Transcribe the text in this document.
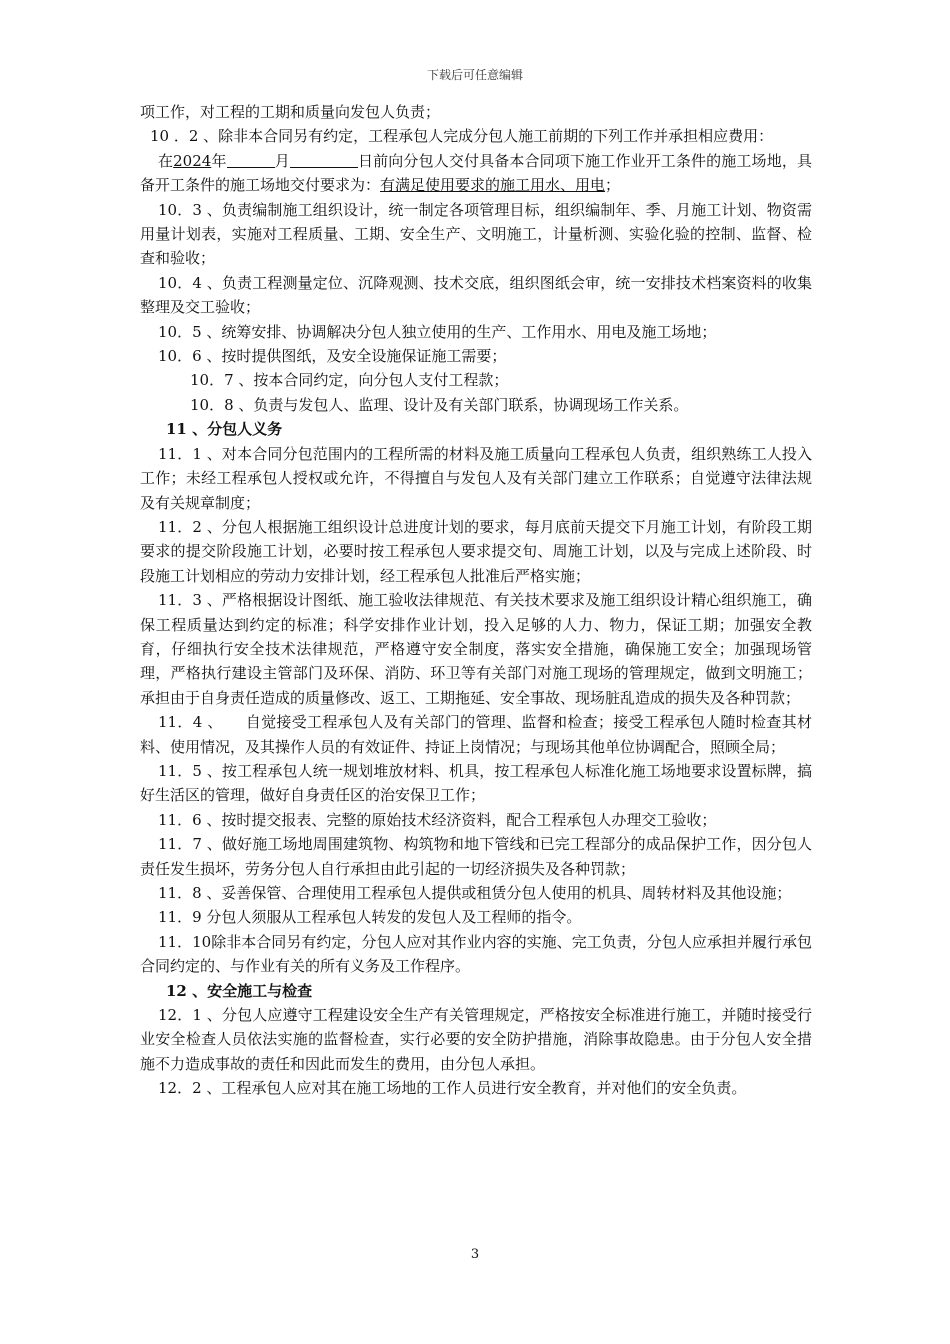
下载后可任意编辑

项工作，对工程的工期和质量向发包人负责；

10 ．2 、除非本合同另有约定，工程承包人完成分包人施工前期的下列工作并承担相应费用：

在2024年	月	日前向分包人交付具备本合同项下施工作业开工条件的施工场地，具备开工条件的施工场地交付要求为：有满足使用要求的施工用水、用电；

10．3 、负责编制施工组织设计，统一制定各项管理目标，组织编制年、季、月施工计划、物资需用量计划表，实施对工程质量、工期、安全生产、文明施工，计量析测、实验化验的控制、监督、检查和验收；

10．4 、负责工程测量定位、沉降观测、技术交底，组织图纸会审，统一安排技术档案资料的收集整理及交工验收；

10．5 、统筹安排、协调解决分包人独立使用的生产、工作用水、用电及施工场地；

10．6 、按时提供图纸，及安全设施保证施工需要；

10．7 、按本合同约定，向分包人支付工程款；

10．8 、负责与发包人、监理、设计及有关部门联系，协调现场工作关系。

11 、分包人义务

11．1 、对本合同分包范围内的工程所需的材料及施工质量向工程承包人负责，组织熟练工人投入工作；未经工程承包人授权或允许，不得擅自与发包人及有关部门建立工作联系；自觉遵守法律法规及有关规章制度；

11．2 、分包人根据施工组织设计总进度计划的要求，每月底前天提交下月施工计划，有阶段工期要求的提交阶段施工计划，必要时按工程承包人要求提交旬、周施工计划，以及与完成上述阶段、时段施工计划相应的劳动力安排计划，经工程承包人批准后严格实施；

11．3 、严格根据设计图纸、施工验收法律规范、有关技术要求及施工组织设计精心组织施工，确保工程质量达到约定的标准；科学安排作业计划，投入足够的人力、物力，保证工期；加强安全教育，仔细执行安全技术法律规范，严格遵守安全制度，落实安全措施，确保施工安全；加强现场管理，严格执行建设主管部门及环保、消防、环卫等有关部门对施工现场的管理规定，做到文明施工；承担由于自身责任造成的质量修改、返工、工期拖延、安全事故、现场脏乱造成的损失及各种罚款；

11．4 、　　自觉接受工程承包人及有关部门的管理、监督和检查；接受工程承包人随时检查其材料、使用情况，及其操作人员的有效证件、持证上岗情况；与现场其他单位协调配合，照顾全局；

11．5 、按工程承包人统一规划堆放材料、机具，按工程承包人标准化施工场地要求设置标牌，搞好生活区的管理，做好自身责任区的治安保卫工作；

11．6 、按时提交报表、完整的原始技术经济资料，配合工程承包人办理交工验收；

11．7 、做好施工场地周围建筑物、构筑物和地下管线和已完工程部分的成品保护工作，因分包人责任发生损坏，劳务分包人自行承担由此引起的一切经济损失及各种罚款；

11．8 、妥善保管、合理使用工程承包人提供或租赁分包人使用的机具、周转材料及其他设施；

11．9 分包人须服从工程承包人转发的发包人及工程师的指令。

11．10除非本合同另有约定，分包人应对其作业内容的实施、完工负责，分包人应承担并履行承包合同约定的、与作业有关的所有义务及工作程序。

12 、安全施工与检查

12．1 、分包人应遵守工程建设安全生产有关管理规定，严格按安全标准进行施工，并随时接受行业安全检查人员依法实施的监督检查，实行必要的安全防护措施，消除事故隐患。由于分包人安全措施不力造成事故的责任和因此而发生的费用，由分包人承担。

12．2 、工程承包人应对其在施工场地的工作人员进行安全教育，并对他们的安全负责。

3
